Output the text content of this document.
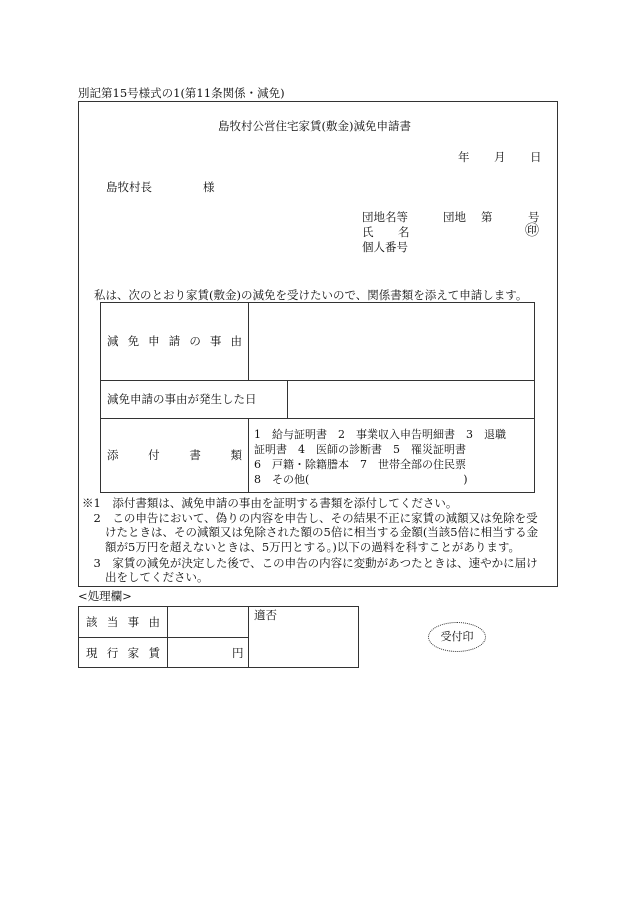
別記第15号様式の1(第11条関係・減免)
島牧村公営住宅家賃(敷金)減免申請書
年 月 日
島牧村長	様
団地名等	団地 第	号
氏 名	㊞
個人番号
私は、次のとおり家賃(敷金)の減免を受けたいので、関係書類を添えて申請します。
減 免 申 請 の 事 由
減免申請の事由が発生した日
添	付	書	類
1　給与証明書　2　事業収入申告明細書　3　退職
証明書　4　医師の診断書　5　罹災証明書
6　戸籍・除籍謄本　7　世帯全部の住民票
8　その他(　　　　　　　　　　　　　　)
※1　添付書類は、減免申請の事由を証明する書類を添付してください。
　2　この申告において、偽りの内容を申告し、その結果不正に家賃の減額又は免除を受
　　けたときは、その減額又は免除された額の5倍に相当する金額(当該5倍に相当する金
　　額が5万円を超えないときは、5万円とする。)以下の過料を科すことがあります。
　3　家賃の減免が決定した後で、この申告の内容に変動があつたときは、速やかに届け
　　出をしてください。
<処理欄>
該 当 事 由
現 行 家 賃	円
適否
受付印
